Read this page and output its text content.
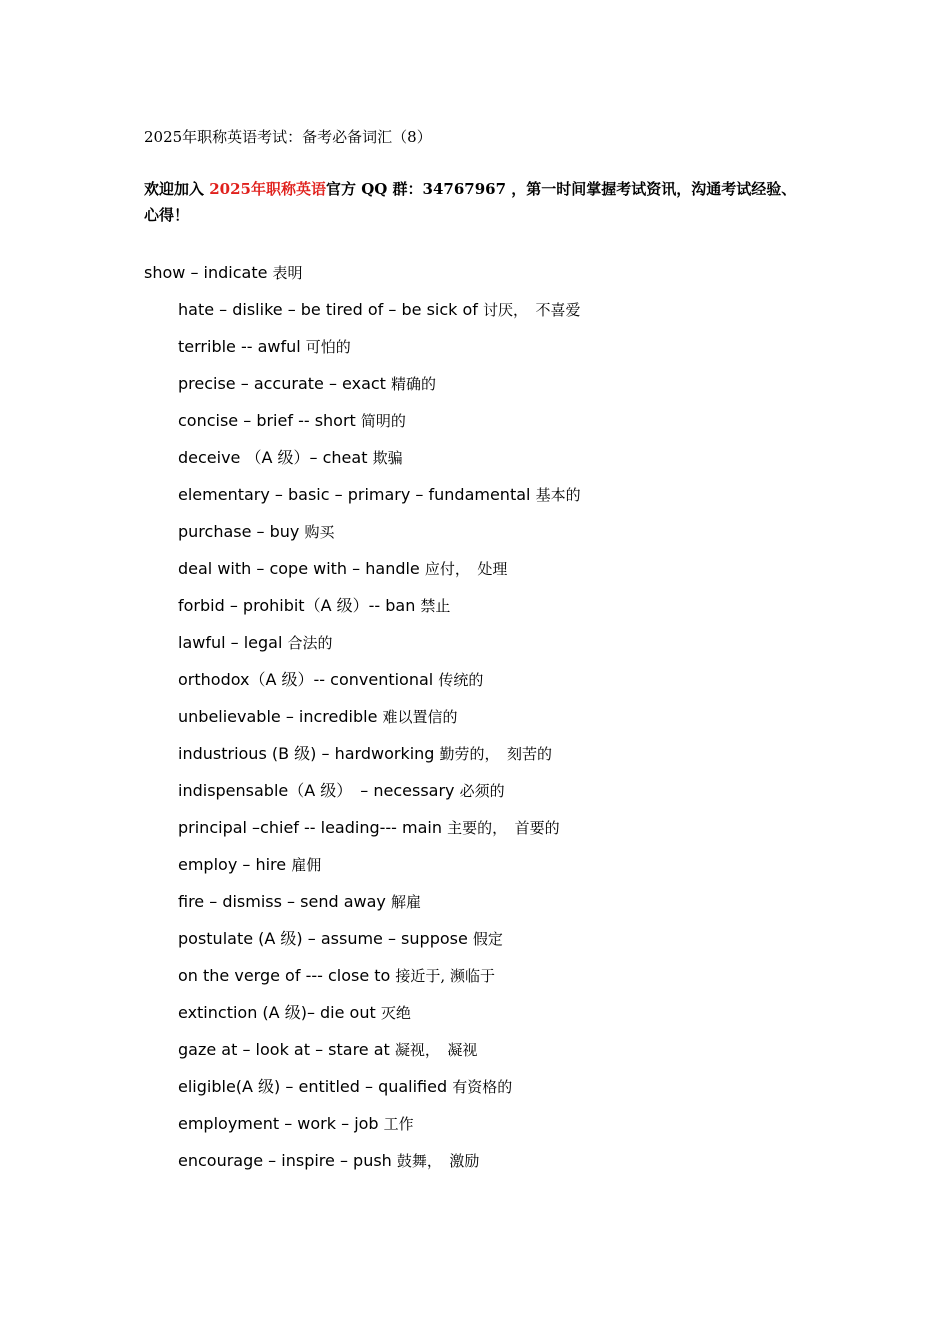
2025年职称英语考试：备考必备词汇（8）
欢迎加入 2025年职称英语官方 QQ 群：34767967 ，第一时间掌握考试资讯，沟通考试经验、心得！
show – indicate 表明
hate – dislike – be tired of – be sick of 讨厌，　不喜爱
terrible -- awful 可怕的
precise – accurate – exact 精确的
concise – brief -- short 简明的
deceive （A 级）– cheat 欺骗
elementary – basic – primary – fundamental 基本的
purchase – buy 购买
deal with – cope with – handle 应付，　处理
forbid – prohibit（A 级）-- ban 禁止
lawful – legal 合法的
orthodox（A 级）-- conventional 传统的
unbelievable – incredible 难以置信的
industrious (B 级) – hardworking 勤劳的，　刻苦的
indispensable（A 级）　– necessary 必须的
principal –chief -- leading--- main 主要的，　首要的
employ – hire 雇佣
fire – dismiss – send away 解雇
postulate (A 级) – assume – suppose 假定
on the verge of --- close to 接近于, 濒临于
extinction (A 级)– die out 灭绝
gaze at – look at – stare at 凝视，　凝视
eligible(A 级) – entitled – qualified 有资格的
employment – work – job 工作
encourage – inspire – push 鼓舞，　激励
